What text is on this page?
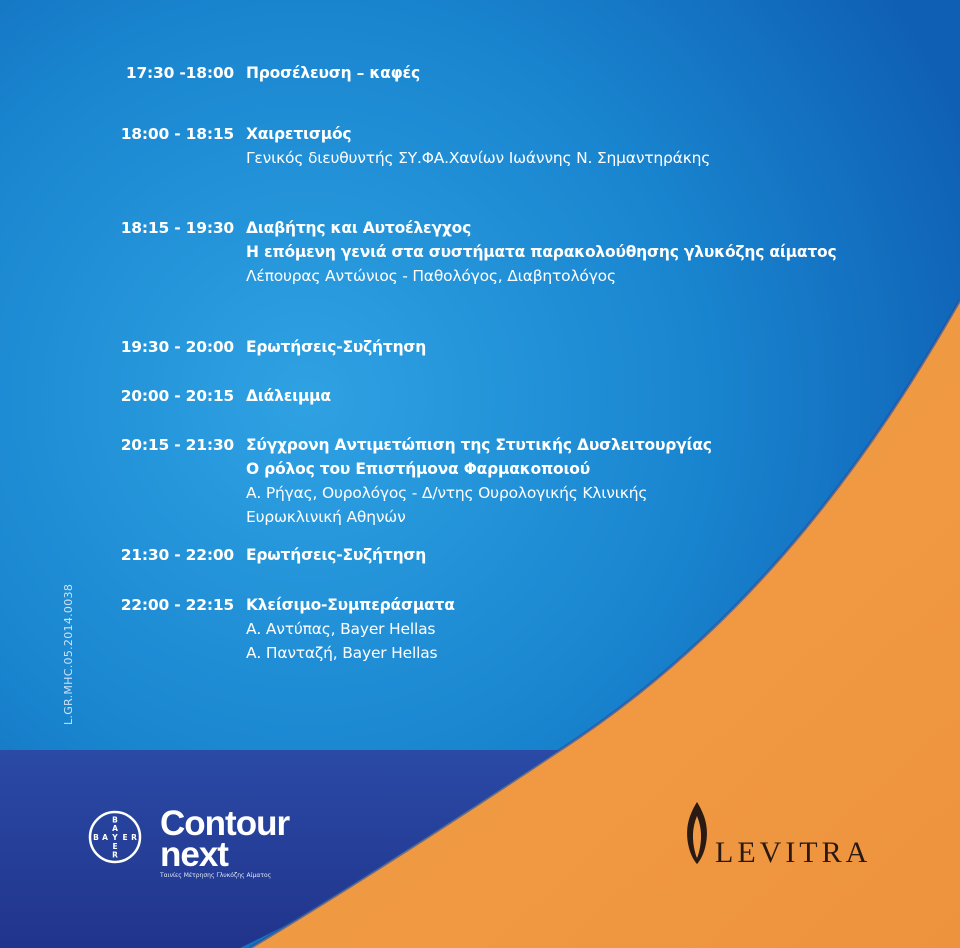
17:30 -18:00 Προσέλευση – καφές
18:00 - 18:15 Χαιρετισμός
Γενικός διευθυντής ΣΥ.ΦΑ.Χανίων Ιωάννης Ν. Σημαντηράκης
18:15 - 19:30 Διαβήτης και Αυτοέλεγχος
Η επόμενη γενιά στα συστήματα παρακολούθησης γλυκόζης αίματος
Λέπουρας Αντώνιος - Παθολόγος, Διαβητολόγος
19:30 - 20:00 Ερωτήσεις-Συζήτηση
20:00 - 20:15 Διάλειμμα
20:15 - 21:30 Σύγχρονη Αντιμετώπιση της Στυτικής Δυσλειτουργίας
Ο ρόλος του Επιστήμονα Φαρμακοποιού
Α. Ρήγας, Ουρολόγος - Δ/ντης Ουρολογικής Κλινικής
Ευρωκλινική Αθηνών
21:30 - 22:00 Ερωτήσεις-Συζήτηση
22:00 - 22:15 Κλείσιμο-Συμπεράσματα
Α. Αντύπας, Bayer Hellas
Α. Πανταζή, Bayer Hellas
L.GR.MHC.05.2014.0038
B
A
B A Y E R
E
R
Contour
next
Ταινίες Μέτρησης Γλυκόζης Αίματος
LEVITRA
